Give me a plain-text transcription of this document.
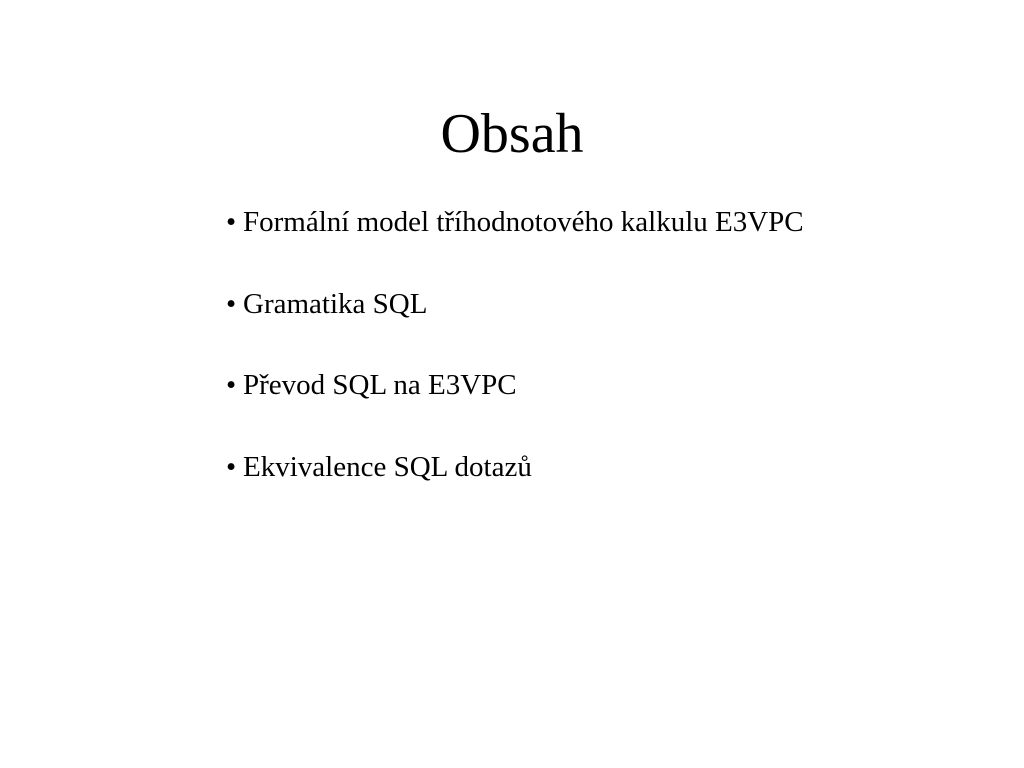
Obsah
• Formální model tříhodnotového kalkulu E3VPC
• Gramatika SQL
• Převod SQL na E3VPC
• Ekvivalence SQL dotazů
